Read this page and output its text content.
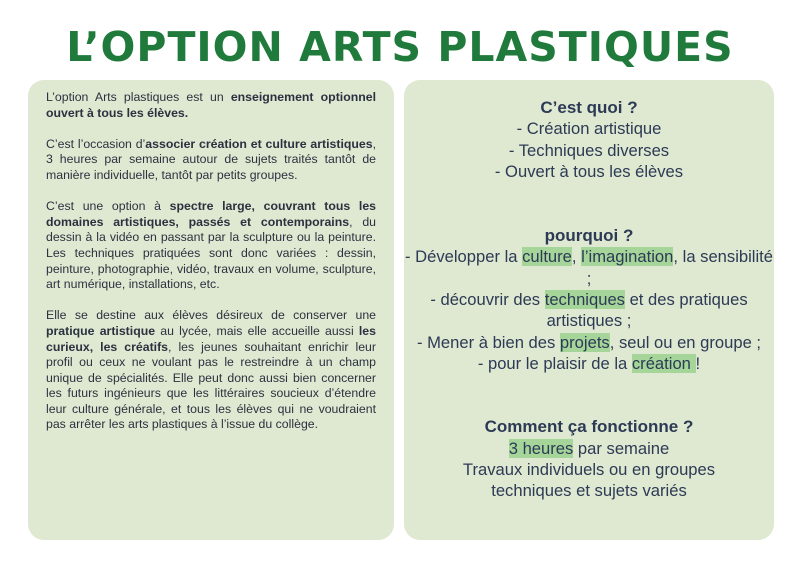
L’OPTION ARTS PLASTIQUES

L’option Arts plastiques est un enseignement optionnel ouvert à tous les élèves.

C’est l’occasion d’associer création et culture artistiques, 3 heures par semaine autour de sujets traités tantôt de manière individuelle, tantôt par petits groupes.

C’est une option à spectre large, couvrant tous les domaines artistiques, passés et contemporains, du dessin à la vidéo en passant par la sculpture ou la peinture. Les techniques pratiquées sont donc variées : dessin, peinture, photographie, vidéo, travaux en volume, sculpture, art numérique, installations, etc.

Elle se destine aux élèves désireux de conserver une pratique artistique au lycée, mais elle accueille aussi les curieux, les créatifs, les jeunes souhaitant enrichir leur profil ou ceux ne voulant pas le restreindre à un champ unique de spécialités. Elle peut donc aussi bien concerner les futurs ingénieurs que les littéraires soucieux d’étendre leur culture générale, et tous les élèves qui ne voudraient pas arrêter les arts plastiques à l’issue du collège.

C’est quoi ?
- Création artistique
- Techniques diverses
- Ouvert à tous les élèves
pourquoi ?
- Développer la culture, l’imagination, la sensibilité ;
- découvrir des techniques et des pratiques artistiques ;
- Mener à bien des projets, seul ou en groupe ;
- pour le plaisir de la création !
Comment ça fonctionne ?
3 heures par semaine
Travaux individuels ou en groupes
techniques et sujets variés
